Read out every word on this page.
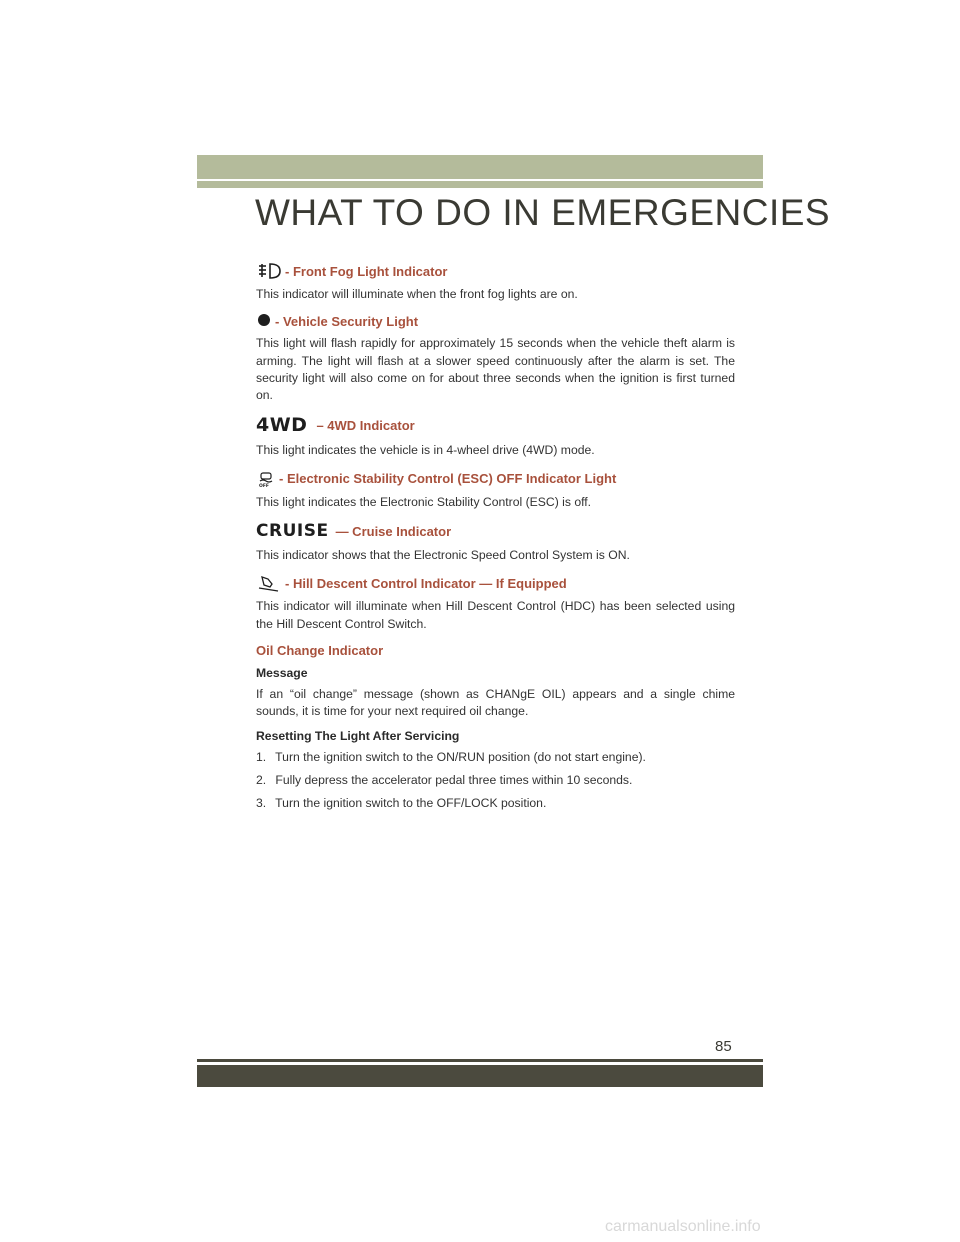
WHAT TO DO IN EMERGENCIES

- Front Fog Light Indicator

This indicator will illuminate when the front fog lights are on.

- Vehicle Security Light

This light will flash rapidly for approximately 15 seconds when the vehicle theft alarm is arming. The light will flash at a slower speed continuously after the alarm is set. The security light will also come on for about three seconds when the ignition is first turned on.

4WD – 4WD Indicator

This light indicates the vehicle is in 4-wheel drive (4WD) mode.

OFF - Electronic Stability Control (ESC) OFF Indicator Light

This light indicates the Electronic Stability Control (ESC) is off.

CRUISE — Cruise Indicator

This indicator shows that the Electronic Speed Control System is ON.

- Hill Descent Control Indicator — If Equipped

This indicator will illuminate when Hill Descent Control (HDC) has been selected using the Hill Descent Control Switch.

Oil Change Indicator

Message

If an “oil change” message (shown as CHANgE OIL) appears and a single chime sounds, it is time for your next required oil change.

Resetting The Light After Servicing

1. Turn the ignition switch to the ON/RUN position (do not start engine).

2. Fully depress the accelerator pedal three times within 10 seconds.

3. Turn the ignition switch to the OFF/LOCK position.

85
carmanualsonline.info
